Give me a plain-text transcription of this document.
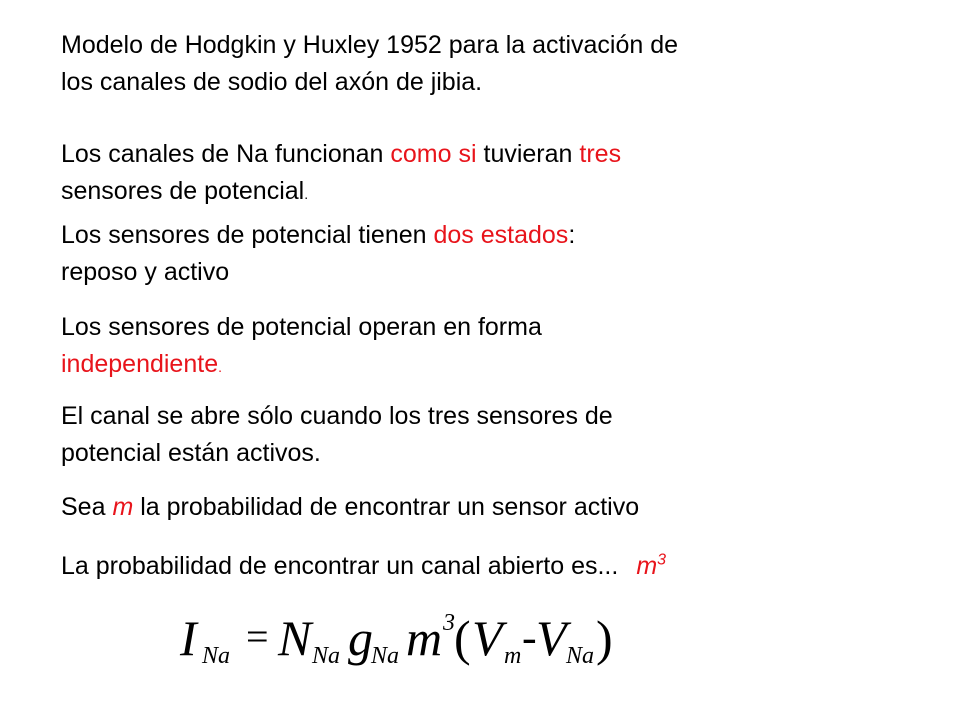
Modelo de Hodgkin y Huxley 1952 para la activación de
los canales de sodio del axón de jibia.
Los canales de Na funcionan como si tuvieran tres
sensores de potencial.
Los sensores de potencial tienen dos estados:
reposo y activo
Los sensores de potencial operan en forma
independiente.
El canal se abre sólo cuando los tres sensores de
potencial están activos.
Sea m la probabilidad de encontrar un sensor activo
La probabilidad de encontrar un canal abierto es... $m^3$
I Na = N Na g
Na m 3 ( V m - V Na )
